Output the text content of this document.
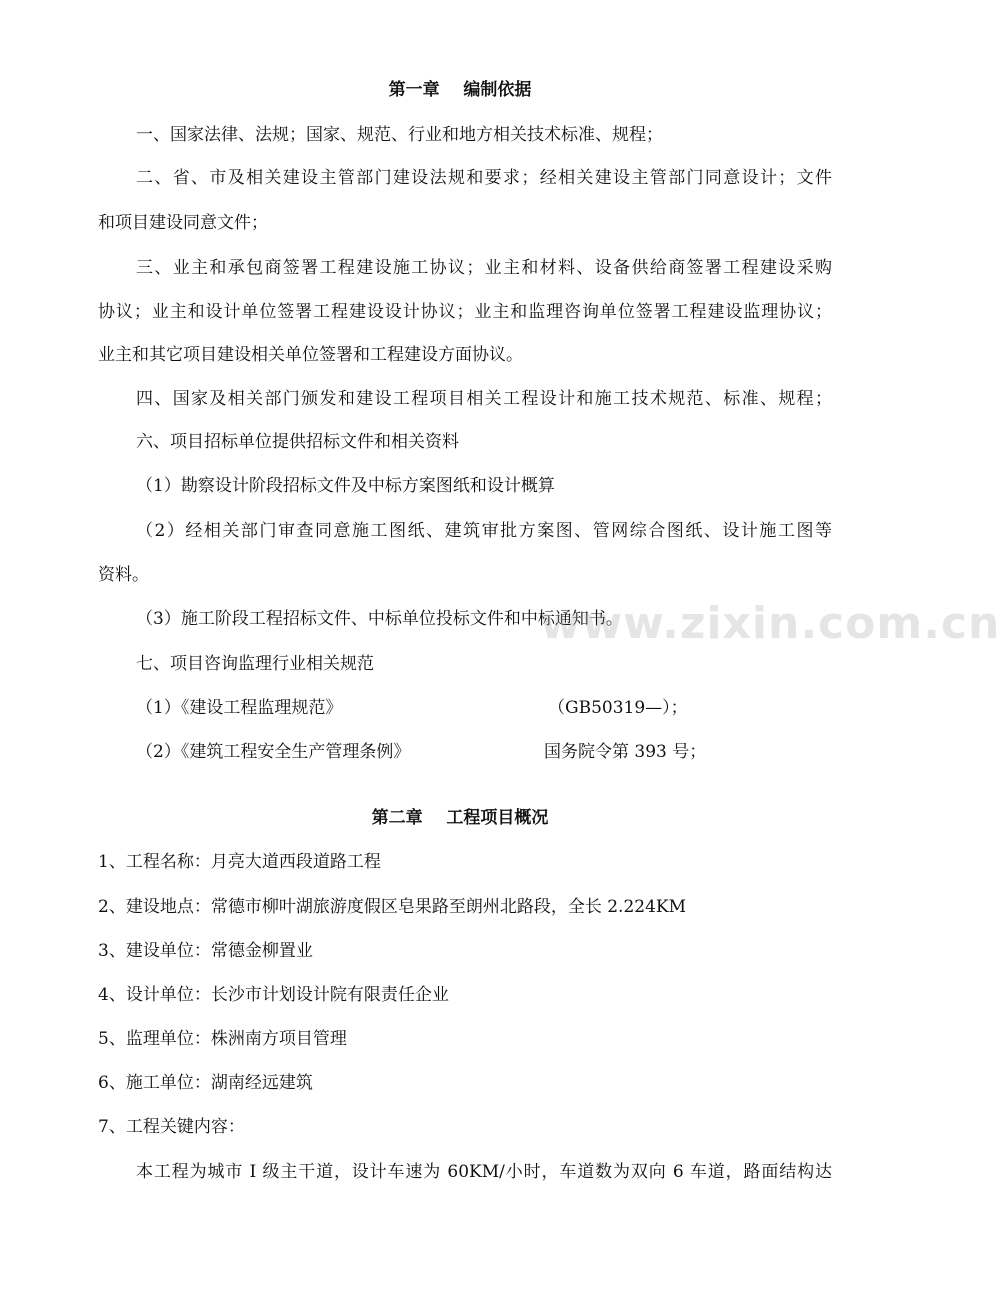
第一章    编制依据
一、国家法律、法规；国家、规范、行业和地方相关技术标准、规程；
二、省、市及相关建设主管部门建设法规和要求；经相关建设主管部门同意设计；文件
和项目建设同意文件；
三、业主和承包商签署工程建设施工协议；业主和材料、设备供给商签署工程建设采购
协议；业主和设计单位签署工程建设设计协议；业主和监理咨询单位签署工程建设监理协议；
业主和其它项目建设相关单位签署和工程建设方面协议。
四、国家及相关部门颁发和建设工程项目相关工程设计和施工技术规范、标准、规程；
六、项目招标单位提供招标文件和相关资料
（1）勘察设计阶段招标文件及中标方案图纸和设计概算
（2）经相关部门审查同意施工图纸、建筑审批方案图、管网综合图纸、设计施工图等
资料。
（3）施工阶段工程招标文件、中标单位投标文件和中标通知书。
七、项目咨询监理行业相关规范
（1）《建设工程监理规范》	（GB50319—）；
（2）《建筑工程安全生产管理条例》	国务院令第 393 号；
第二章    工程项目概况
1、工程名称：月亮大道西段道路工程
2、建设地点：常德市柳叶湖旅游度假区皂果路至朗州北路段，全长 2.224KM
3、建设单位：常德金柳置业
4、设计单位：长沙市计划设计院有限责任企业
5、监理单位：株洲南方项目管理
6、施工单位：湖南经远建筑
7、工程关键内容：
本工程为城市 I 级主干道，设计车速为 60KM/小时，车道数为双向 6 车道，路面结构达
www.zixin.com.cn
